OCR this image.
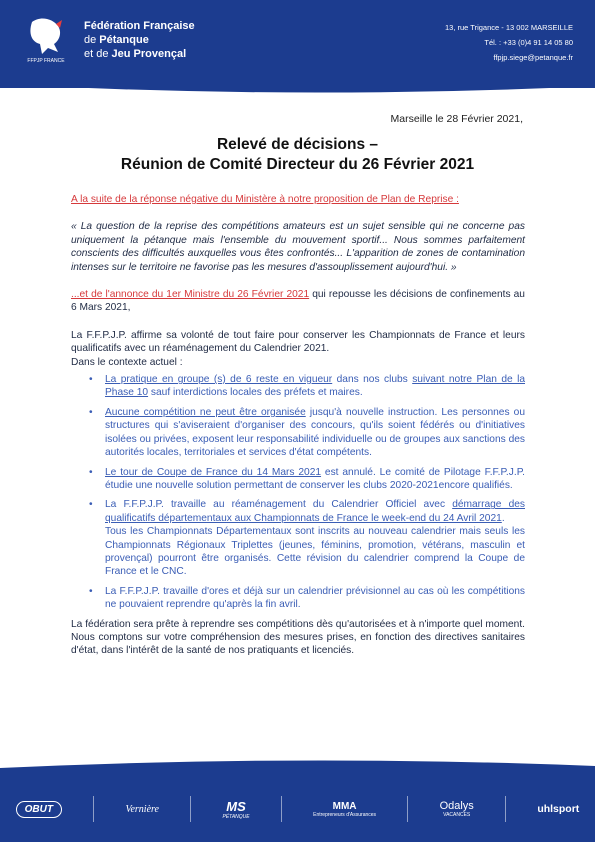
FFPJP FRANCE
Fédération Française
de Pétanque
et de Jeu Provençal
13, rue Trigance - 13 002 MARSEILLE
Tél. : +33 (0)4 91 14 05 80
ffpjp.siege@petanque.fr
Marseille le 28 Février 2021,
Relevé de décisions –
Réunion de Comité Directeur du 26 Février 2021

A la suite de la réponse négative du Ministère à notre proposition de Plan de Reprise :

« La question de la reprise des compétitions amateurs est un sujet sensible qui ne concerne pas uniquement la pétanque mais l'ensemble du mouvement sportif... Nous sommes parfaitement conscients des difficultés auxquelles vous êtes confrontés... L'apparition de zones de contamination intenses sur le territoire ne favorise pas les mesures d'assouplissement aujourd'hui. »

...et de l'annonce du 1er Ministre du 26 Février 2021 qui repousse les décisions de confinements au 6 Mars 2021,

La F.F.P.J.P. affirme sa volonté de tout faire pour conserver les Championnats de France et leurs qualificatifs avec un réaménagement du Calendrier 2021.

Dans le contexte actuel :

• La pratique en groupe (s) de 6 reste en vigueur dans nos clubs suivant notre Plan de la Phase 10 sauf interdictions locales des préfets et maires.
• Aucune compétition ne peut être organisée jusqu'à nouvelle instruction. Les personnes ou structures qui s'aviseraient d'organiser des concours, qu'ils soient fédérés ou d'initiatives isolées ou privées, exposent leur responsabilité individuelle ou de groupes aux sanctions des autorités locales, territoriales et services d'état compétents.
• Le tour de Coupe de France du 14 Mars 2021 est annulé. Le comité de Pilotage F.F.P.J.P. étudie une nouvelle solution permettant de conserver les clubs 2020-2021encore qualifiés.
• La F.F.P.J.P. travaille au réaménagement du Calendrier Officiel avec démarrage des qualificatifs départementaux aux Championnats de France le week-end du 24 Avril 2021.
Tous les Championnats Départementaux sont inscrits au nouveau calendrier mais seuls les Championnats Régionaux Triplettes (jeunes, féminins, promotion, vétérans, masculin et provençal) pourront être organisés. Cette révision du calendrier comprend la Coupe de France et le CNC.
• La F.F.P.J.P. travaille d'ores et déjà sur un calendrier prévisionnel au cas où les compétitions ne pouvaient reprendre qu'après la fin avril.

La fédération sera prête à reprendre ses compétitions dès qu'autorisées et à n'importe quel moment. Nous comptons sur votre compréhension des mesures prises, en fonction des directives sanitaires d'état, dans l'intérêt de la santé de nos pratiquants et licenciés.

OBUT	Vernière	MS
PÉTANQUE
MMA
Entrepreneurs d'Assurances
Odalys
VACANCES	uhlsport
